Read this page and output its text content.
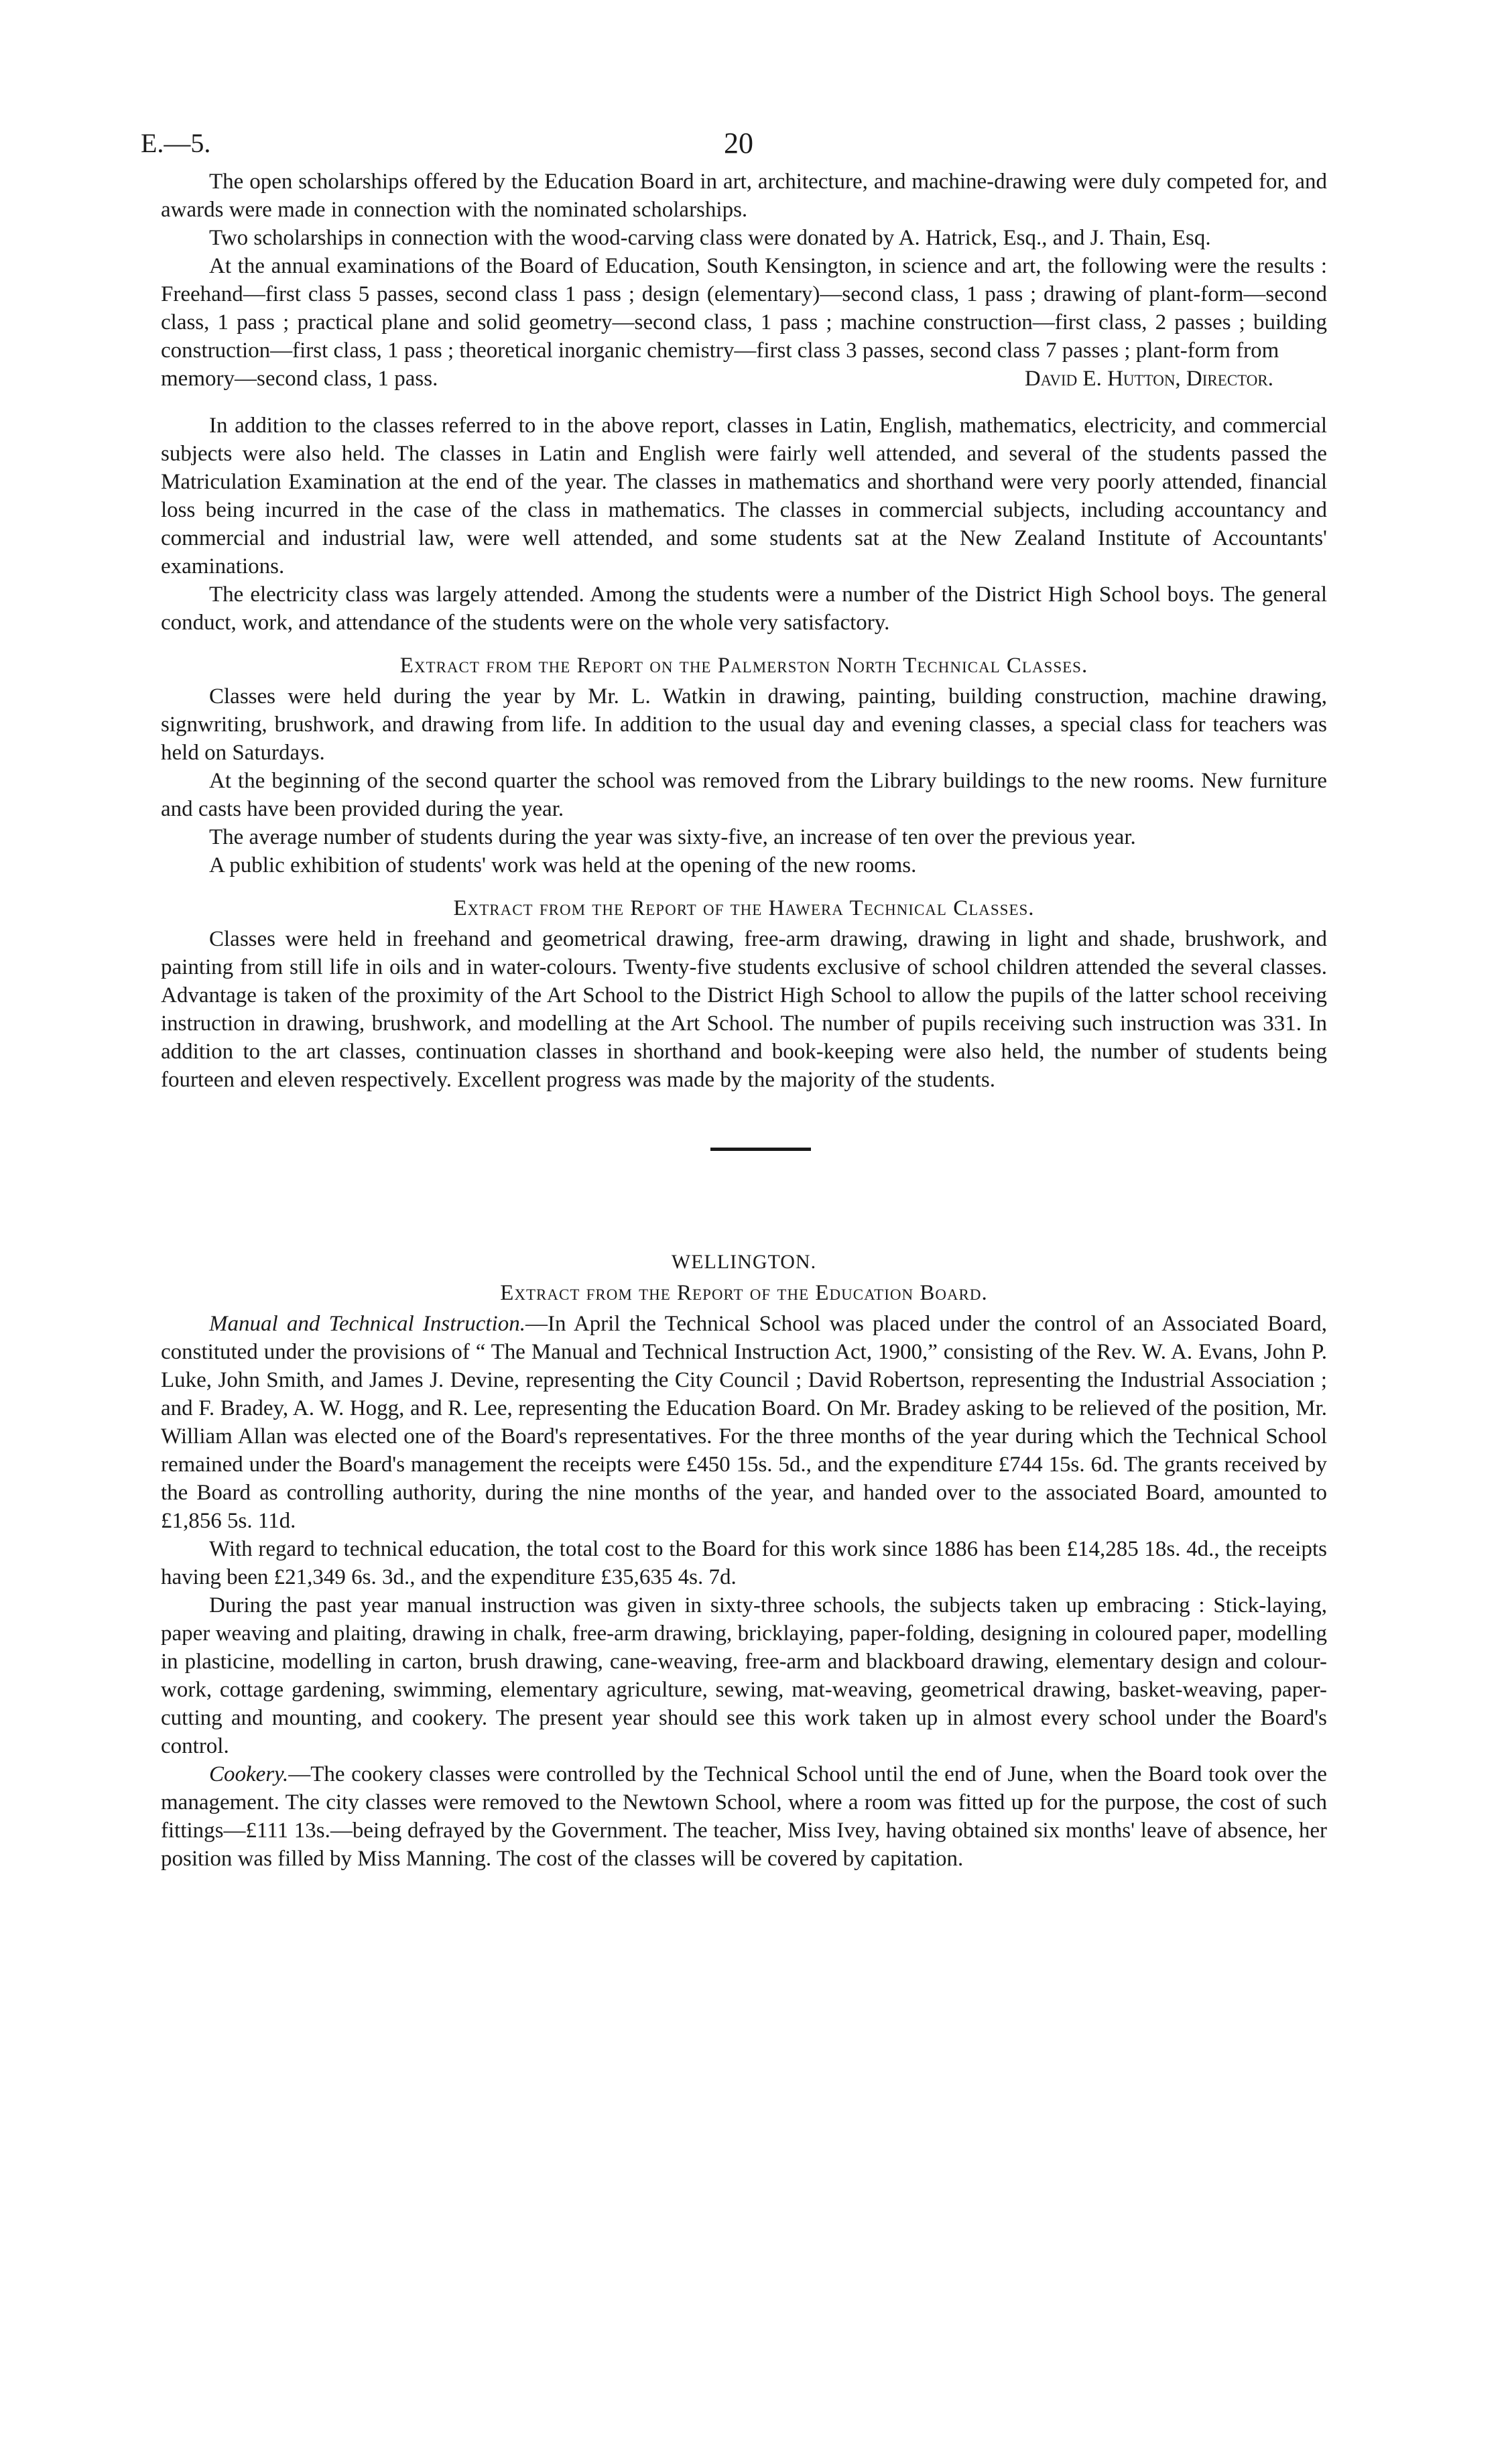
E.—5.	20

The open scholarships offered by the Education Board in art, architecture, and machine-drawing were duly competed for, and awards were made in connection with the nominated scholarships.

Two scholarships in connection with the wood-carving class were donated by A. Hatrick, Esq., and J. Thain, Esq.

At the annual examinations of the Board of Education, South Kensington, in science and art, the following were the results : Freehand—first class 5 passes, second class 1 pass ; design (elementary)—second class, 1 pass ; drawing of plant-form—second class, 1 pass ; practical plane and solid geometry—second class, 1 pass ; machine construction—first class, 2 passes ; building construction—first class, 1 pass ; theoretical inorganic chemistry—first class 3 passes, second class 7 passes ; plant-form from

memory—second class, 1 pass.	David E. Hutton, Director.

In addition to the classes referred to in the above report, classes in Latin, English, mathematics, electricity, and commercial subjects were also held. The classes in Latin and English were fairly well attended, and several of the students passed the Matriculation Examination at the end of the year. The classes in mathematics and shorthand were very poorly attended, financial loss being incurred in the case of the class in mathematics. The classes in commercial subjects, including accountancy and commercial and industrial law, were well attended, and some students sat at the New Zealand Institute of Accountants' examinations.

The electricity class was largely attended. Among the students were a number of the District High School boys. The general conduct, work, and attendance of the students were on the whole very satisfactory.

Extract from the Report on the Palmerston North Technical Classes.

Classes were held during the year by Mr. L. Watkin in drawing, painting, building construction, machine drawing, signwriting, brushwork, and drawing from life. In addition to the usual day and evening classes, a special class for teachers was held on Saturdays.

At the beginning of the second quarter the school was removed from the Library buildings to the new rooms. New furniture and casts have been provided during the year.

The average number of students during the year was sixty-five, an increase of ten over the previous year.

A public exhibition of students' work was held at the opening of the new rooms.

Extract from the Report of the Hawera Technical Classes.

Classes were held in freehand and geometrical drawing, free-arm drawing, drawing in light and shade, brushwork, and painting from still life in oils and in water-colours. Twenty-five students exclusive of school children attended the several classes. Advantage is taken of the proximity of the Art School to the District High School to allow the pupils of the latter school receiving instruction in drawing, brushwork, and modelling at the Art School. The number of pupils receiving such instruction was 331. In addition to the art classes, continuation classes in shorthand and book-keeping were also held, the number of students being fourteen and eleven respectively. Excellent progress was made by the majority of the students.

WELLINGTON.
Extract from the Report of the Education Board.

Manual and Technical Instruction.—In April the Technical School was placed under the control of an Associated Board, constituted under the provisions of “ The Manual and Technical Instruction Act, 1900,” consisting of the Rev. W. A. Evans, John P. Luke, John Smith, and James J. Devine, representing the City Council ; David Robertson, representing the Industrial Association ; and F. Bradey, A. W. Hogg, and R. Lee, representing the Education Board. On Mr. Bradey asking to be relieved of the position, Mr. William Allan was elected one of the Board's representatives. For the three months of the year during which the Technical School remained under the Board's management the receipts were £450 15s. 5d., and the expenditure £744 15s. 6d. The grants received by the Board as controlling authority, during the nine months of the year, and handed over to the associated Board, amounted to £1,856 5s. 11d.

With regard to technical education, the total cost to the Board for this work since 1886 has been £14,285 18s. 4d., the receipts having been £21,349 6s. 3d., and the expenditure £35,635 4s. 7d.

During the past year manual instruction was given in sixty-three schools, the subjects taken up embracing : Stick-laying, paper weaving and plaiting, drawing in chalk, free-arm drawing, bricklaying, paper-folding, designing in coloured paper, modelling in plasticine, modelling in carton, brush drawing, cane-weaving, free-arm and blackboard drawing, elementary design and colour-work, cottage gardening, swimming, elementary agriculture, sewing, mat-weaving, geometrical drawing, basket-weaving, paper-cutting and mounting, and cookery. The present year should see this work taken up in almost every school under the Board's control.

Cookery.—The cookery classes were controlled by the Technical School until the end of June, when the Board took over the management. The city classes were removed to the Newtown School, where a room was fitted up for the purpose, the cost of such fittings—£111 13s.—being defrayed by the Government. The teacher, Miss Ivey, having obtained six months' leave of absence, her position was filled by Miss Manning. The cost of the classes will be covered by capitation.
